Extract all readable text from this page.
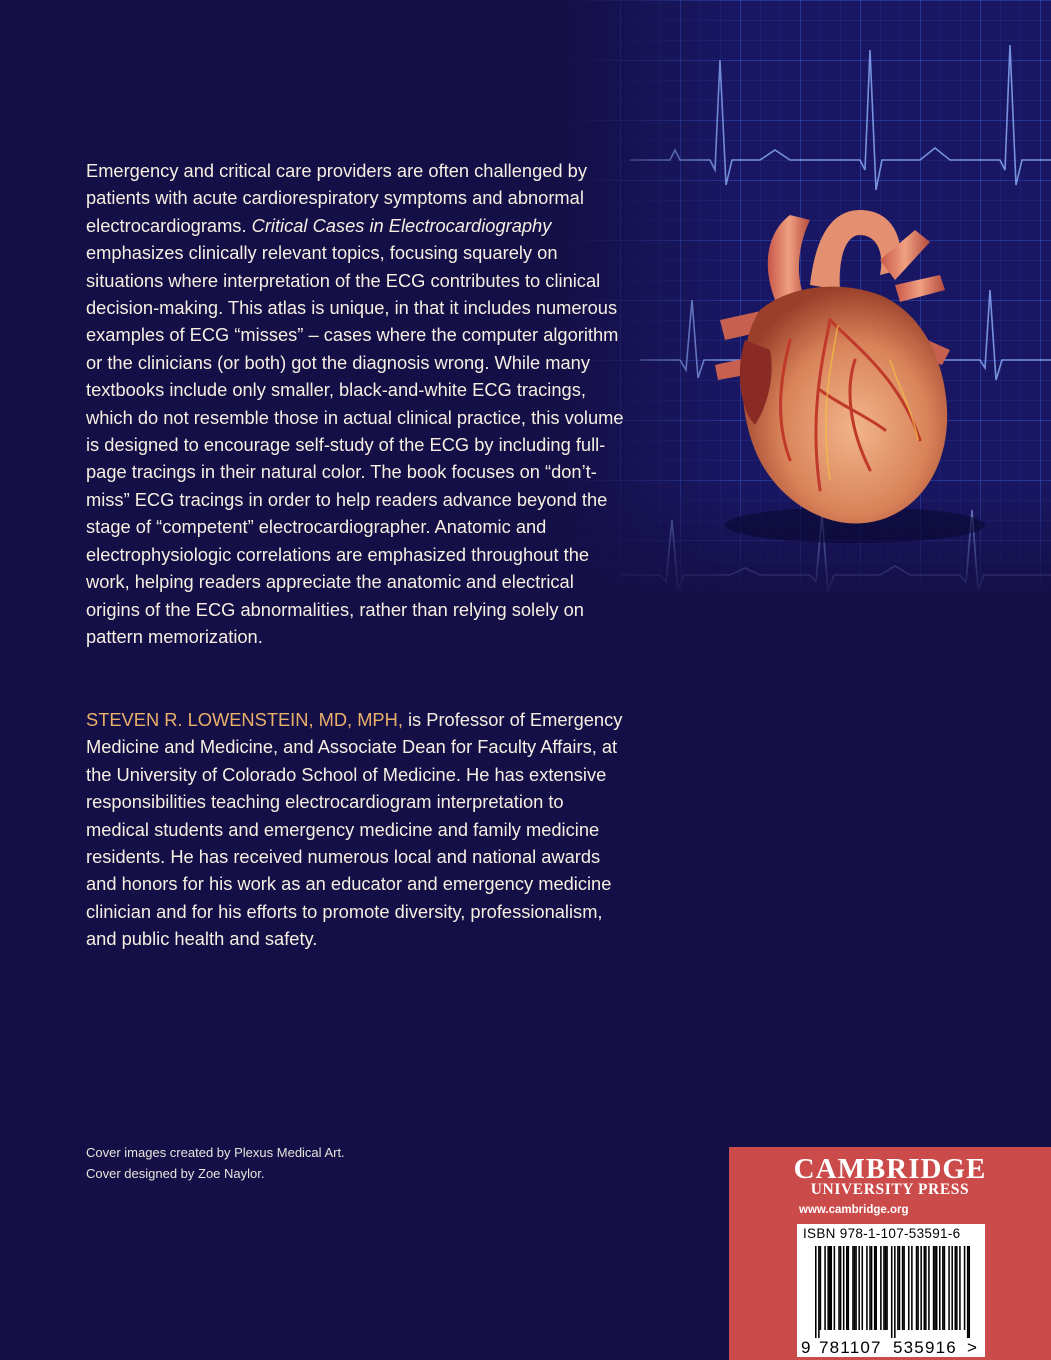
Emergency and critical care providers are often challenged by patients with acute cardiorespiratory symptoms and abnormal electrocardiograms. Critical Cases in Electrocardiography emphasizes clinically relevant topics, focusing squarely on situations where interpretation of the ECG contributes to clinical decision-making. This atlas is unique, in that it includes numerous examples of ECG “misses” – cases where the computer algorithm or the clinicians (or both) got the diagnosis wrong. While many textbooks include only smaller, black-and-white ECG tracings, which do not resemble those in actual clinical practice, this volume is designed to encourage self-study of the ECG by including full-page tracings in their natural color. The book focuses on “don’t-miss” ECG tracings in order to help readers advance beyond the stage of “competent” electrocardiographer. Anatomic and electrophysiologic correlations are emphasized throughout the work, helping readers appreciate the anatomic and electrical origins of the ECG abnormalities, rather than relying solely on pattern memorization.

STEVEN R. LOWENSTEIN, MD, MPH, is Professor of Emergency Medicine and Medicine, and Associate Dean for Faculty Affairs, at the University of Colorado School of Medicine. He has extensive responsibilities teaching electrocardiogram interpretation to medical students and emergency medicine and family medicine residents. He has received numerous local and national awards and honors for his work as an educator and emergency medicine clinician and for his efforts to promote diversity, professionalism, and public health and safety.

Cover images created by Plexus Medical Art.
Cover designed by Zoe Naylor.	CAMBRIDGE
UNIVERSITY PRESS
www.cambridge.org
ISBN 978-1-107-53591-6
9 781107 535916 >
